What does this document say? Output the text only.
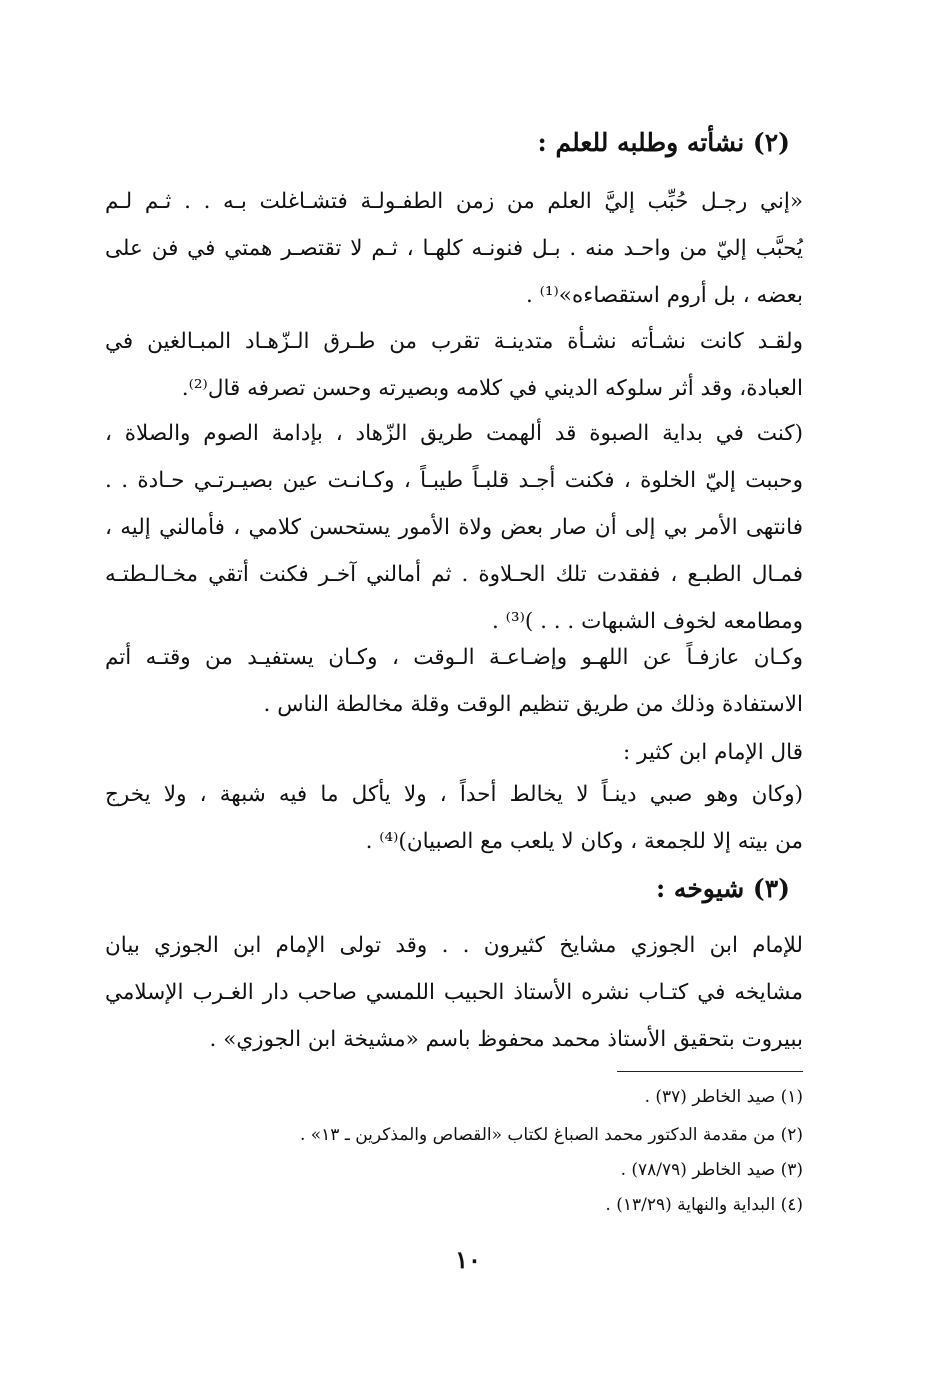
(٢) نشأته وطلبه للعلم :
«إني رجـل حُبِّب إليَّ العلم من زمن الطفـولـة فتشـاغلت بـه . . ثـم لـم
يُحبَّب إليّ من واحـد منه . بـل فنونـه كلهـا ، ثـم لا تقتصـر همتي في فن على
بعضه ، بل أروم استقصاءه»⁽¹⁾ .
ولقـد كانت نشـأته نشـأة متدينـة تقرب من طـرق الـزّهـاد المبـالغين في
العبادة، وقد أثر سلوكه الديني في كلامه وبصيرته وحسن تصرفه قال⁽²⁾.
(كنت في بداية الصبوة قد ألهمت طريق الزّهاد ، بإدامة الصوم والصلاة ،
وحببت إليّ الخلوة ، فكنت أجـد قلبـاً طيبـاً ، وكـانـت عين بصيـرتـي حـادة . .
فانتهى الأمر بي إلى أن صار بعض ولاة الأمور يستحسن كلامي ، فأمالني إليه ،
فمـال الطبـع ، ففقدت تلك الحـلاوة . ثم أمالني آخـر فكنت أتقي مخـالـطتـه
ومطامعه لخوف الشبهات . . . )⁽³⁾ .
وكـان عازفـاً عن اللهـو وإضـاعـة الـوقت ، وكـان يستفيـد من وقتـه أتم
الاستفادة وذلك من طريق تنظيم الوقت وقلة مخالطة الناس .
قال الإمام ابن كثير :
(وكان وهو صبي دينـاً لا يخالط أحداً ، ولا يأكل ما فيه شبهة ، ولا يخرج
من بيته إلا للجمعة ، وكان لا يلعب مع الصبيان)⁽⁴⁾ .
(٣) شيوخه :
للإمام ابن الجوزي مشايخ كثيرون . . وقد تولى الإمام ابن الجوزي بيان
مشايخه في كتـاب نشره الأستاذ الحبيب اللمسي صاحب دار الغـرب الإسلامي
ببيروت بتحقيق الأستاذ محمد محفوظ باسم «مشيخة ابن الجوزي» .
(١) صيد الخاطر (٣٧) .
(٢) من مقدمة الدكتور محمد الصباغ لكتاب «القصاص والمذكرين ـ ١٣» .
(٣) صيد الخاطر (٧٨/٧٩) .
(٤) البداية والنهاية (١٣/٢٩) .
١٠
